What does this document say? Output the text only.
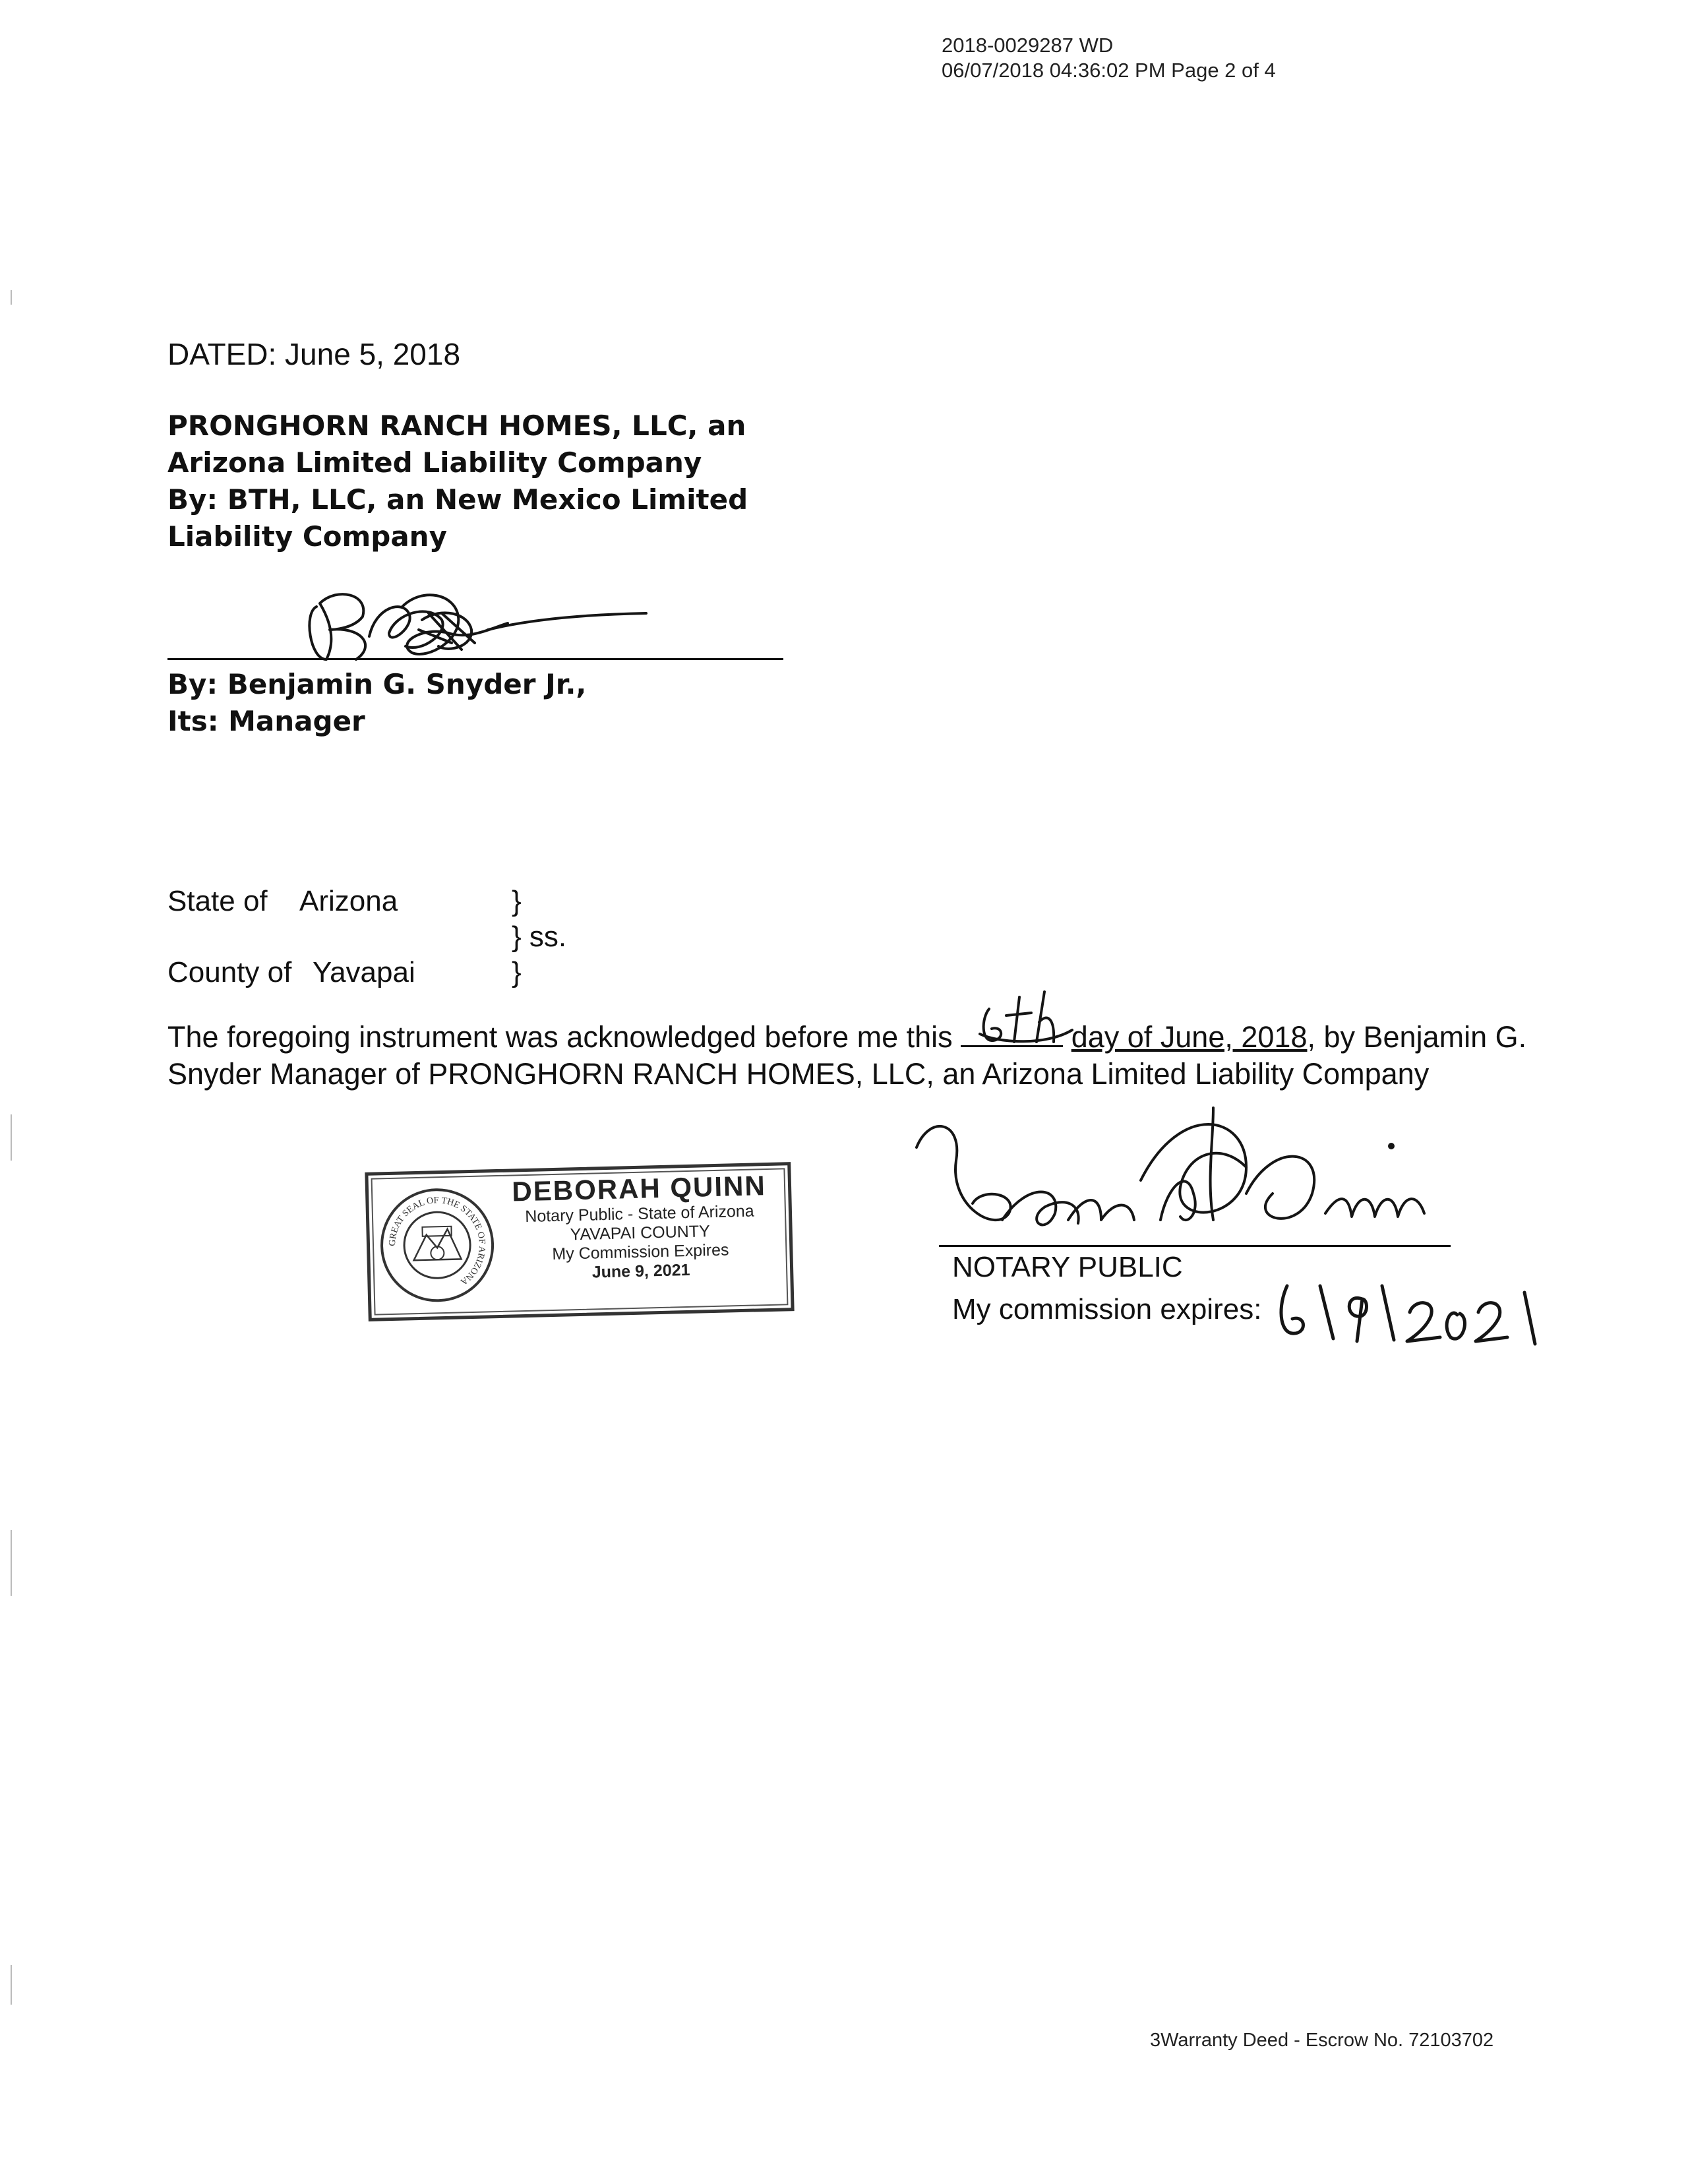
2018-0029287 WD
06/07/2018 04:36:02 PM Page 2 of 4
DATED: June 5, 2018
PRONGHORN RANCH HOMES, LLC, an
Arizona Limited Liability Company
By: BTH, LLC, an New Mexico Limited
Liability Company
By: Benjamin G. Snyder Jr.,
Its: Manager
State of Arizona	}
} ss.
County of Yavapai	}
The foregoing instrument was acknowledged before me this	day of June, 2018, by Benjamin G.
Snyder Manager of PRONGHORN RANCH HOMES, LLC, an Arizona Limited Liability Company
6th
GREAT SEAL OF THE STATE OF ARIZONA
DEBORAH QUINN
Notary Public - State of Arizona
YAVAPAI COUNTY
My Commission Expires
June 9, 2021	NOTARY PUBLIC
My commission expires:
6/9/2021
3Warranty Deed - Escrow No. 72103702
